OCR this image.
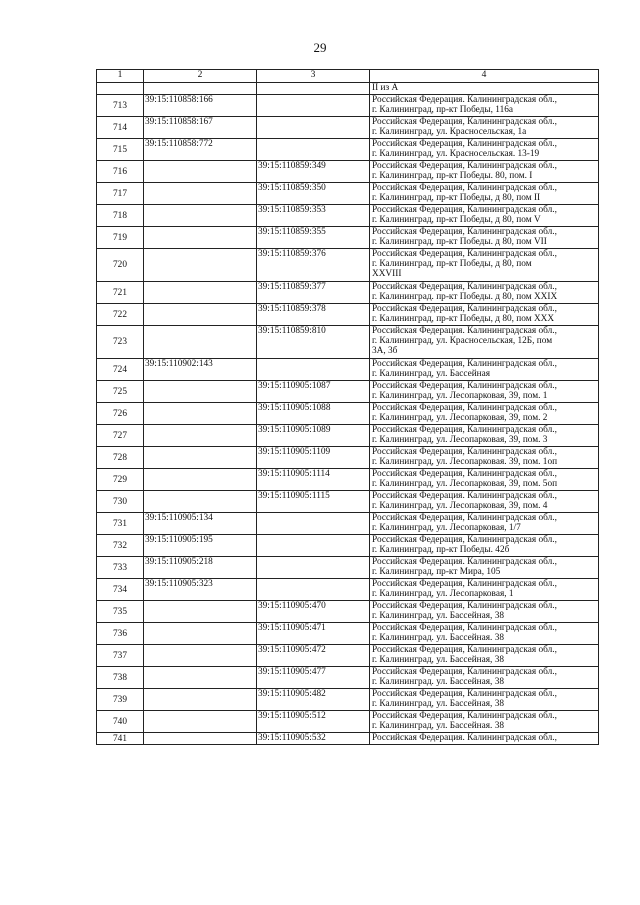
29
1	2	3	4

			II из А

713	39:15:110858:166		Российская Федерация. Калининградская обл.,
г. Калининград, пр-кт Победы, 116а

714	39:15:110858:167		Российская Федерация, Калининградская обл.,
г. Калининград, ул. Красносельская, 1а

715	39:15:110858:772		Российская Федерация, Калининградская обл.,
г. Калининград, ул. Красносельская. 13-19

716		39:15:110859:349	Российская Федерация, Калининградская обл.,
г. Калининград, пр-кт Победы. 80, пом. I

717		39:15:110859:350	Российская Федерация, Калининградская обл.,
г. Калининград, пр-кт Победы, д 80, пом II

718		39:15:110859:353	Российская Федерация, Калининградская обл.,
г. Калининград, пр-кт Победы, д 80, пом V

719		39:15:110859:355	Российская Федерация, Калининградская обл.,
г. Калининград, пр-кт Победы. д 80, пом VII

720		39:15:110859:376	Российская Федерация, Калининградская обл.,
г. Калининград, пр-кт Победы, д 80, пом
XXVIII

721		39:15:110859:377	Российская Федерация, Калининградская обл.,
г. Калининград. пр-кт Победы. д 80, пом XXIX

722		39:15:110859:378	Российская Федерация, Калининградская обл.,
г. Калининград, пр-кт Победы, д 80, пом XXX

723		39:15:110859:810	Российская Федерация. Калининградская обл.,
г. Калининград, ул. Красносельская, 12Б, пом
3А, 3б

724	39:15:110902:143		Российская Федерация, Калининградская обл.,
г. Калининград, ул. Бассейная

725		39:15:110905:1087	Российская Федерация, Калининградская обл.,
г. Калининград, ул. Лесопарковая, 39, пом. 1

726		39:15:110905:1088	Российская Федерация, Калининградская обл.,
г. Калининград, ул. Лесопарковая, 39, пом. 2

727		39:15:110905:1089	Российская Федерация, Калининградская обл.,
г. Калининград, ул. Лесопарковая, 39, пом. 3

728		39:15:110905:1109	Российская Федерация, Калининградская обл.,
г. Калининград, ул. Лесопарковая. 39, пом. 1оп

729		39:15:110905:1114	Российская Федерация, Калининградская обл.,
г. Калининград, ул. Лесопарковая, 39, пом. 5оп

730		39:15:110905:1115	Российская Федерация. Калининградская обл.,
г. Калининград, ул. Лесопарковая, 39, пом. 4

731	39:15:110905:134		Российская Федерация, Калининградская обл.,
г. Калининград, ул. Лесопарковая, 1/7

732	39:15:110905:195		Российская Федерация, Калининградская обл.,
г. Калининград, пр-кт Победы. 42б

733	39:15:110905:218		Российская Федерация. Калининградская обл.,
г. Калининград, пр-кт Мира, 105

734	39:15:110905:323		Российская Федерация, Калининградская обл.,
г. Калининград, ул. Лесопарковая, 1

735		39:15:110905:470	Российская Федерация, Калининградская обл.,
г. Калининград, ул. Бассейная, 38

736		39:15:110905:471	Российская Федерация, Калининградская обл.,
г. Калининград. ул. Бассейная. 38

737		39:15:110905:472	Российская Федерация, Калининградская обл.,
г. Калининград, ул. Бассейная, 38

738		39:15:110905:477	Российская Федерация, Калининградская обл.,
г. Калининград. ул. Бассейная, 38

739		39:15:110905:482	Российская Федерация, Калининградская обл.,
г. Калининград, ул. Бассейная, 38

740		39:15:110905:512	Российская Федерация, Калининградская обл.,
г. Калининград, ул. Бассейная. 38

741		39:15:110905:532	Российская Федерация. Калининградская обл.,
